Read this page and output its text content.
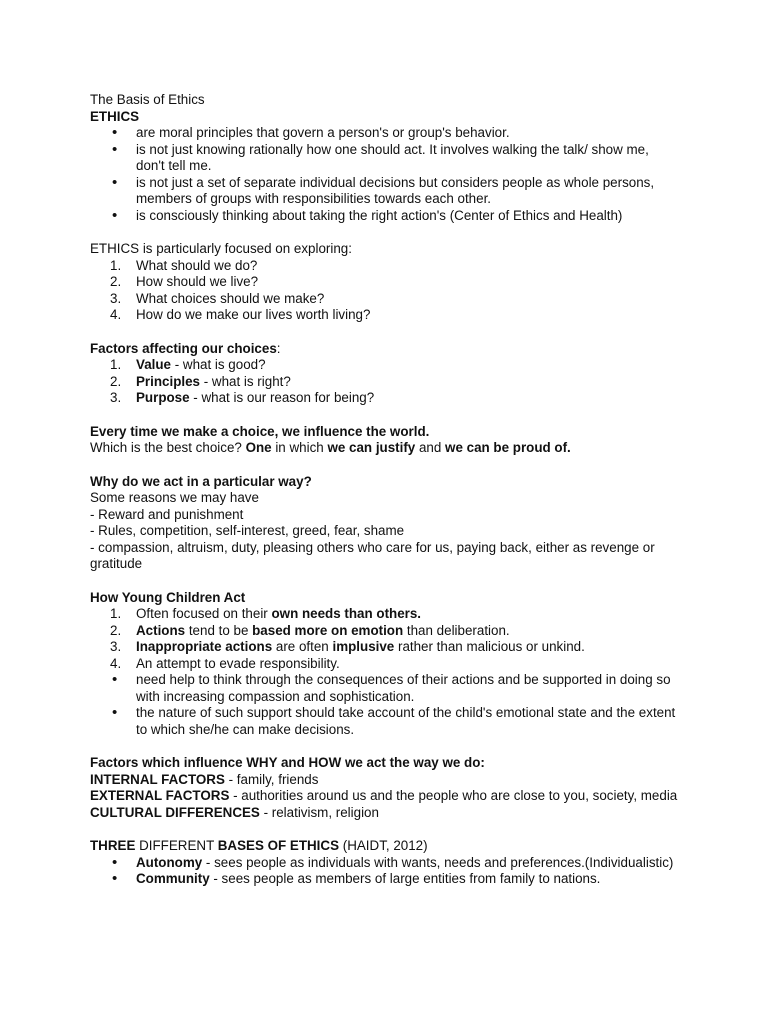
The Basis of Ethics

ETHICS

•	are moral principles that govern a person's or group's behavior.
•	is not just knowing rationally how one should act. It involves walking the talk/ show me, don't tell me.
•	is not just a set of separate individual decisions but considers people as whole persons, members of groups with responsibilities towards each other.
•	is consciously thinking about taking the right action's (Center of Ethics and Health)

ETHICS is particularly focused on exploring:

1.	What should we do?
2.	How should we live?
3.	What choices should we make?
4.	How do we make our lives worth living?

Factors affecting our choices:

1.	Value - what is good?
2.	Principles - what is right?
3.	Purpose - what is our reason for being?

Every time we make a choice, we influence the world.

Which is the best choice? One in which we can justify and we can be proud of.

Why do we act in a particular way?

Some reasons we may have

- Reward and punishment

- Rules, competition, self-interest, greed, fear, shame

- compassion, altruism, duty, pleasing others who care for us, paying back, either as revenge or gratitude

How Young Children Act

1.	Often focused on their own needs than others.
2.	Actions tend to be based more on emotion than deliberation.
3.	Inappropriate actions are often implusive rather than malicious or unkind.
4.	An attempt to evade responsibility.
•	need help to think through the consequences of their actions and be supported in doing so with increasing compassion and sophistication.
•	the nature of such support should take account of the child's emotional state and the extent to which she/he can make decisions.

Factors which influence WHY and HOW we act the way we do:

INTERNAL FACTORS - family, friends

EXTERNAL FACTORS - authorities around us and the people who are close to you, society, media

CULTURAL DIFFERENCES - relativism, religion

THREE DIFFERENT BASES OF ETHICS (HAIDT, 2012)

•	Autonomy - sees people as individuals with wants, needs and preferences.(Individualistic)
•	Community - sees people as members of large entities from family to nations.
